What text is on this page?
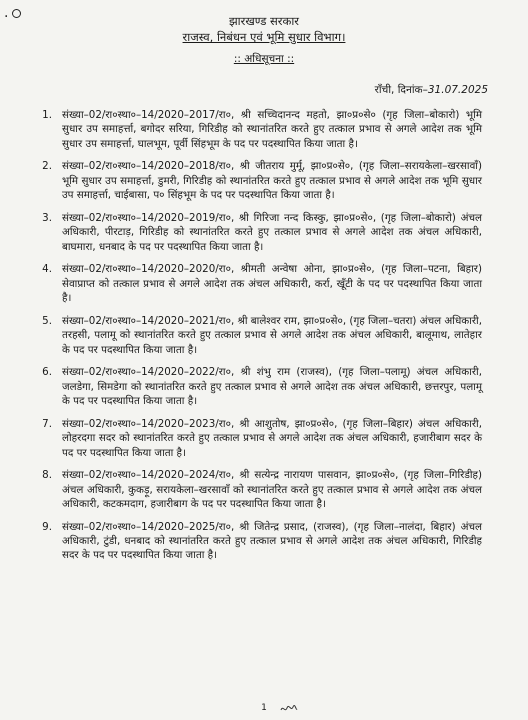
.	झारखण्ड सरकार
राजस्व, निबंधन एवं भूमि सुधार विभाग।
:: अधिसूचना ::
राँची, दिनांक–31.07.2025
1. संख्या–02/रा०स्था०–14/2020–2017/रा०, श्री सच्चिदानन्द महतो, झा०प्र०से० (गृह जिला–बोकारो) भूमि सुधार उप समाहर्त्ता, बगोदर सरिया, गिरिडीह को स्थानांतरित करते हुए तत्काल प्रभाव से अगले आदेश तक भूमि सुधार उप समाहर्त्ता, घालभूम, पूर्वी सिंहभूम के पद पर पदस्थापित किया जाता है।
2. संख्या–02/रा०स्था०–14/2020–2018/रा०, श्री जीतराय मुर्मू, झा०प्र०से०, (गृह जिला–सरायकेला–खरसावाँ) भूमि सुधार उप समाहर्त्ता, डुमरी, गिरिडीह को स्थानांतरित करते हुए तत्काल प्रभाव से अगले आदेश तक भूमि सुधार उप समाहर्त्ता, चाईबासा, प० सिंहभूम के पद पर पदस्थापित किया जाता है।
3. संख्या–02/रा०स्था०–14/2020–2019/रा०, श्री गिरिजा नन्द किस्कु, झा०प्र०से०, (गृह जिला–बोकारो) अंचल अधिकारी, पीरटाड़, गिरिडीह को स्थानांतरित करते हुए तत्काल प्रभाव से अगले आदेश तक अंचल अधिकारी, बाघमारा, धनबाद के पद पर पदस्थापित किया जाता है।
4. संख्या–02/रा०स्था०–14/2020–2020/रा०, श्रीमती अन्वेषा ओना, झा०प्र०से०, (गृह जिला–पटना, बिहार) सेवाप्राप्त को तत्काल प्रभाव से अगले आदेश तक अंचल अधिकारी, कर्रा, खूँटी के पद पर पदस्थापित किया जाता है।
5. संख्या–02/रा०स्था०–14/2020–2021/रा०, श्री बालेश्वर राम, झा०प्र०से०, (गृह जिला–चतरा) अंचल अधिकारी, तरहसी, पलामू को स्थानांतरित करते हुए तत्काल प्रभाव से अगले आदेश तक अंचल अधिकारी, बालूमाथ, लातेहार के पद पर पदस्थापित किया जाता है।
6. संख्या–02/रा०स्था०–14/2020–2022/रा०, श्री शंभु राम (राजस्व), (गृह जिला–पलामू) अंचल अधिकारी, जलडेगा, सिमडेगा को स्थानांतरित करते हुए तत्काल प्रभाव से अगले आदेश तक अंचल अधिकारी, छत्तरपुर, पलामू के पद पर पदस्थापित किया जाता है।
7. संख्या–02/रा०स्था०–14/2020–2023/रा०, श्री आशुतोष, झा०प्र०से०, (गृह जिला–बिहार) अंचल अधिकारी, लोहरदगा सदर को स्थानांतरित करते हुए तत्काल प्रभाव से अगले आदेश तक अंचल अधिकारी, हजारीबाग सदर के पद पर पदस्थापित किया जाता है।
8. संख्या–02/रा०स्था०–14/2020–2024/रा०, श्री सत्येन्द्र नारायण पासवान, झा०प्र०से०, (गृह जिला–गिरिडीह) अंचल अधिकारी, कुकड़ू, सरायकेला–खरसावाँ को स्थानांतरित करते हुए तत्काल प्रभाव से अगले आदेश तक अंचल अधिकारी, कटकमदाग, हजारीबाग के पद पर पदस्थापित किया जाता है।
9. संख्या–02/रा०स्था०–14/2020–2025/रा०, श्री जितेन्द्र प्रसाद, (राजस्व), (गृह जिला–नालंदा, बिहार) अंचल अधिकारी, टुंडी, धनबाद को स्थानांतरित करते हुए तत्काल प्रभाव से अगले आदेश तक अंचल अधिकारी, गिरिडीह सदर के पद पर पदस्थापित किया जाता है।
1
